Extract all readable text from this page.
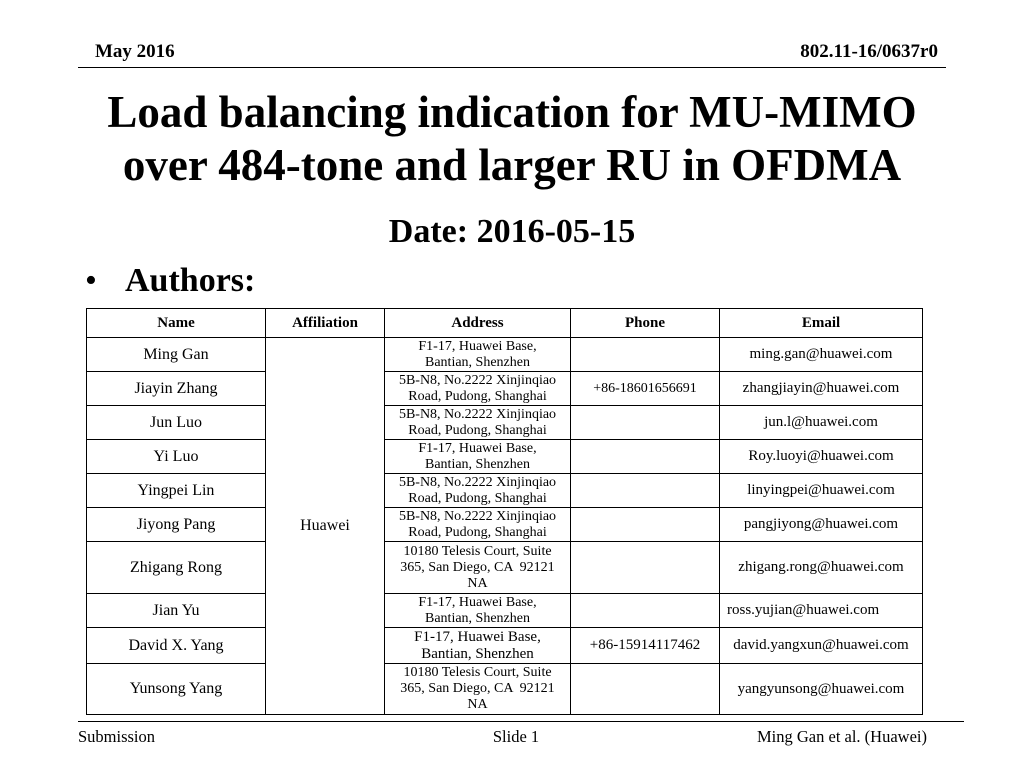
May 2016	802.11-16/0637r0
Load balancing indication for MU-MIMO over 484-tone and larger RU in OFDMA
Date: 2016-05-15
•
Authors:
Name	Affiliation	Address	Phone	Email
Ming Gan	Huawei	F1-17, Huawei Base, Bantian, Shenzhen		ming.gan@huawei.com
Jiayin Zhang		5B-N8, No.2222 Xinjinqiao Road, Pudong, Shanghai	+86-18601656691	zhangjiayin@huawei.com
Jun Luo		5B-N8, No.2222 Xinjinqiao Road, Pudong, Shanghai		jun.l@huawei.com
Yi Luo		F1-17, Huawei Base, Bantian, Shenzhen		Roy.luoyi@huawei.com
Yingpei Lin		5B-N8, No.2222 Xinjinqiao Road, Pudong, Shanghai		linyingpei@huawei.com
Jiyong Pang		5B-N8, No.2222 Xinjinqiao Road, Pudong, Shanghai		pangjiyong@huawei.com
Zhigang Rong		10180 Telesis Court, Suite 365, San Diego, CA  92121 NA		zhigang.rong@huawei.com
Jian Yu		F1-17, Huawei Base, Bantian, Shenzhen		ross.yujian@huawei.com
David X. Yang		F1-17, Huawei Base, Bantian, Shenzhen	+86-15914117462	david.yangxun@huawei.com
Yunsong Yang		10180 Telesis Court, Suite 365, San Diego, CA  92121 NA		yangyunsong@huawei.com
Submission	Slide 1	Ming Gan et al. (Huawei)
